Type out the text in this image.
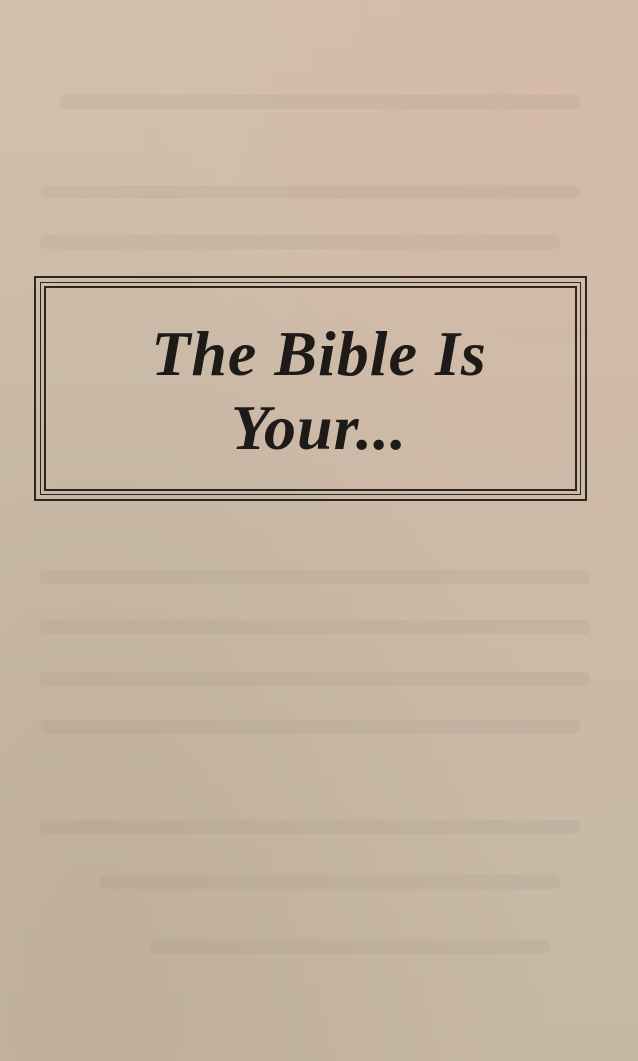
The Bible Is
Your...
